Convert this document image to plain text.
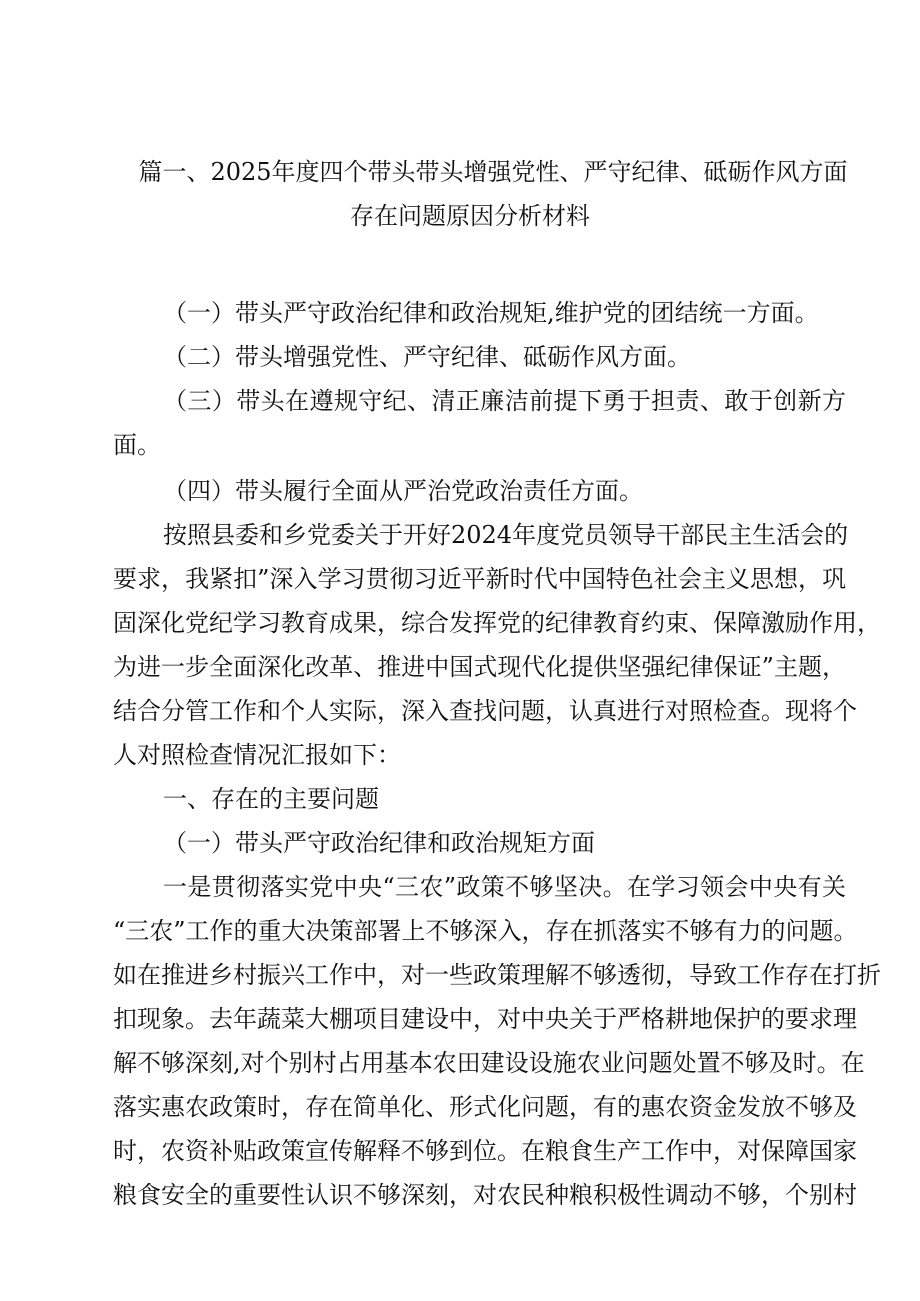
篇一、2025年度四个带头带头增强党性、严守纪律、砥砺作风方面
存在问题原因分析材料
（一）带头严守政治纪律和政治规矩,维护党的团结统一方面。
（二）带头增强党性、严守纪律、砥砺作风方面。
（三）带头在遵规守纪、清正廉洁前提下勇于担责、敢于创新方
面。
（四）带头履行全面从严治党政治责任方面。
按照县委和乡党委关于开好2024年度党员领导干部民主生活会的
要求，我紧扣”深入学习贯彻习近平新时代中国特色社会主义思想，巩
固深化党纪学习教育成果，综合发挥党的纪律教育约束、保障激励作用，
为进一步全面深化改革、推进中国式现代化提供坚强纪律保证”主题，
结合分管工作和个人实际，深入查找问题，认真进行对照检查。现将个
人对照检查情况汇报如下：
一、存在的主要问题
（一）带头严守政治纪律和政治规矩方面
一是贯彻落实党中央“三农”政策不够坚决。在学习领会中央有关
“三农”工作的重大决策部署上不够深入，存在抓落实不够有力的问题。
如在推进乡村振兴工作中，对一些政策理解不够透彻，导致工作存在打折
扣现象。去年蔬菜大棚项目建设中，对中央关于严格耕地保护的要求理
解不够深刻,对个别村占用基本农田建设设施农业问题处置不够及时。在
落实惠农政策时，存在简单化、形式化问题，有的惠农资金发放不够及
时，农资补贴政策宣传解释不够到位。在粮食生产工作中，对保障国家
粮食安全的重要性认识不够深刻，对农民种粮积极性调动不够，个别村
